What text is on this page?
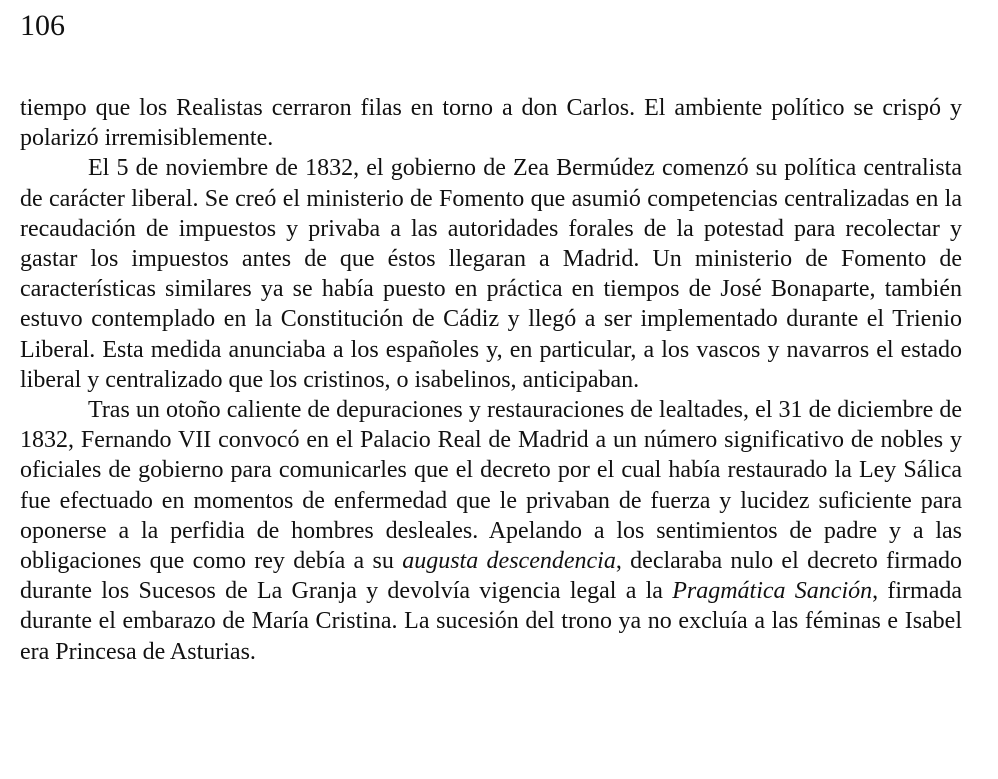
106

tiempo que los Realistas cerraron filas en torno a don Carlos. El ambiente político se crispó y polarizó irremisiblemente.

El 5 de noviembre de 1832, el gobierno de Zea Bermúdez comenzó su política centralista de carácter liberal. Se creó el ministerio de Fomento que asumió competencias centralizadas en la recaudación de impuestos y privaba a las autoridades forales de la potestad para recolectar y gastar los impuestos antes de que éstos llegaran a Madrid. Un ministerio de Fomento de características similares ya se había puesto en práctica en tiempos de José Bonaparte, también estuvo contemplado en la Constitución de Cádiz y llegó a ser implementado durante el Trienio Liberal. Esta medida anunciaba a los españoles y, en particular, a los vascos y navarros el estado liberal y centralizado que los cristinos, o isabelinos, anticipaban.

Tras un otoño caliente de depuraciones y restauraciones de lealtades, el 31 de diciembre de 1832, Fernando VII convocó en el Palacio Real de Madrid a un número significativo de nobles y oficiales de gobierno para comunicarles que el decreto por el cual había restaurado la Ley Sálica fue efectuado en momentos de enfermedad que le privaban de fuerza y lucidez suficiente para oponerse a la perfidia de hombres desleales. Apelando a los sentimientos de padre y a las obligaciones que como rey debía a su augusta descendencia, declaraba nulo el decreto firmado durante los Sucesos de La Granja y devolvía vigencia legal a la Pragmática Sanción, firmada durante el embarazo de María Cristina. La sucesión del trono ya no excluía a las féminas e Isabel era Princesa de Asturias.
